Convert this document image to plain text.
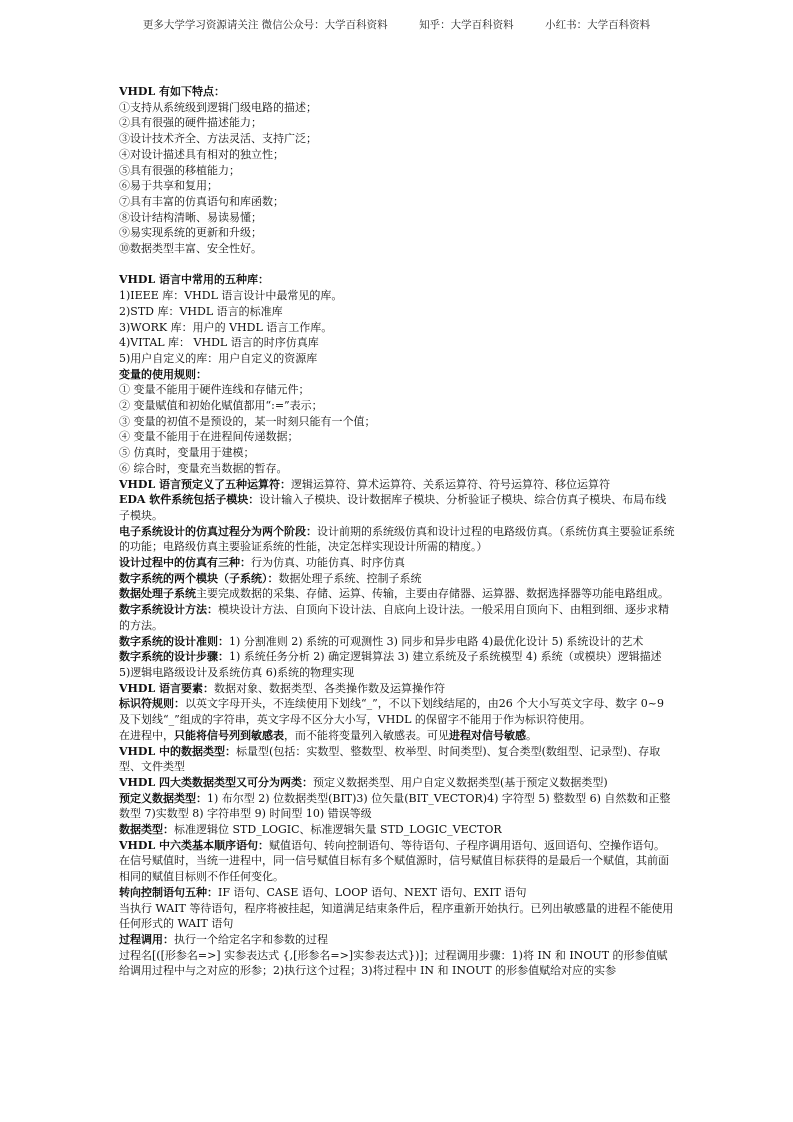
更多大学学习资源请关注 微信公众号：大学百科资料　　　知乎：大学百科资料　　　小红书：大学百科资料

VHDL 有如下特点：

①支持从系统级到逻辑门级电路的描述；

②具有很强的硬件描述能力；

③设计技术齐全、方法灵活、支持广泛；

④对设计描述具有相对的独立性；

⑤具有很强的移植能力；

⑥易于共享和复用；

⑦具有丰富的仿真语句和库函数；

⑧设计结构清晰、易读易懂；

⑨易实现系统的更新和升级；

⑩数据类型丰富、安全性好。

VHDL 语言中常用的五种库：

1)IEEE 库：VHDL 语言设计中最常见的库。

2)STD 库：VHDL 语言的标准库

3)WORK 库：用户的 VHDL 语言工作库。

4)VITAL 库： VHDL 语言的时序仿真库

5)用户自定义的库：用户自定义的资源库

变量的使用规则：

① 变量不能用于硬件连线和存储元件；

② 变量赋值和初始化赋值都用“:=”表示；

③ 变量的初值不是预设的，某一时刻只能有一个值；

④ 变量不能用于在进程间传递数据；

⑤ 仿真时，变量用于建模；

⑥ 综合时，变量充当数据的暂存。

VHDL 语言预定义了五种运算符：逻辑运算符、算术运算符、关系运算符、符号运算符、移位运算符

EDA 软件系统包括子模块：设计输入子模块、设计数据库子模块、分析验证子模块、综合仿真子模块、布局布线子模块。

电子系统设计的仿真过程分为两个阶段：设计前期的系统级仿真和设计过程的电路级仿真。（系统仿真主要验证系统的功能；电路级仿真主要验证系统的性能，决定怎样实现设计所需的精度。）

设计过程中的仿真有三种：行为仿真、功能仿真、时序仿真

数字系统的两个模块（子系统）：数据处理子系统、控制子系统

数据处理子系统主要完成数据的采集、存储、运算、传输，主要由存储器、运算器、数据选择器等功能电路组成。

数字系统设计方法：模块设计方法、自顶向下设计法、自底向上设计法。一般采用自顶向下、由粗到细、逐步求精的方法。

数字系统的设计准则：1) 分割准则 2) 系统的可观测性 3) 同步和异步电路 4)最优化设计 5) 系统设计的艺术

数字系统的设计步骤：1) 系统任务分析 2) 确定逻辑算法 3) 建立系统及子系统模型 4) 系统（或模块）逻辑描述 5)逻辑电路级设计及系统仿真 6)系统的物理实现

VHDL 语言要素：数据对象、数据类型、各类操作数及运算操作符

标识符规则：以英文字母开头，不连续使用下划线“_”，不以下划线结尾的，由26 个大小写英文字母、数字 0~9 及下划线“_”组成的字符串，英文字母不区分大小写，VHDL 的保留字不能用于作为标识符使用。

在进程中，只能将信号列到敏感表，而不能将变量列入敏感表。可见进程对信号敏感。

VHDL 中的数据类型：标量型(包括：实数型、整数型、枚举型、时间类型)、复合类型(数组型、记录型)、存取型、文件类型

VHDL 四大类数据类型又可分为两类：预定义数据类型、用户自定义数据类型(基于预定义数据类型)

预定义数据类型：1) 布尔型 2) 位数据类型(BIT)3) 位矢量(BIT_VECTOR)4) 字符型 5) 整数型 6) 自然数和正整数型 7)实数型 8) 字符串型 9) 时间型 10) 错误等级

数据类型：标准逻辑位 STD_LOGIC、标准逻辑矢量 STD_LOGIC_VECTOR

VHDL 中六类基本顺序语句：赋值语句、转向控制语句、等待语句、子程序调用语句、返回语句、空操作语句。

在信号赋值时，当统一进程中，同一信号赋值目标有多个赋值源时，信号赋值目标获得的是最后一个赋值，其前面相同的赋值目标则不作任何变化。

转向控制语句五种：IF 语句、CASE 语句、LOOP 语句、NEXT 语句、EXIT 语句

当执行 WAIT 等待语句，程序将被挂起，知道满足结束条件后，程序重新开始执行。已列出敏感量的进程不能使用任何形式的 WAIT 语句

过程调用：执行一个给定名字和参数的过程

过程名[([形参名=>] 实参表达式 {,[形参名=>]实参表达式})]；过程调用步骤：1)将 IN 和 INOUT 的形参值赋给调用过程中与之对应的形参；2)执行这个过程；3)将过程中 IN 和 INOUT 的形参值赋给对应的实参
